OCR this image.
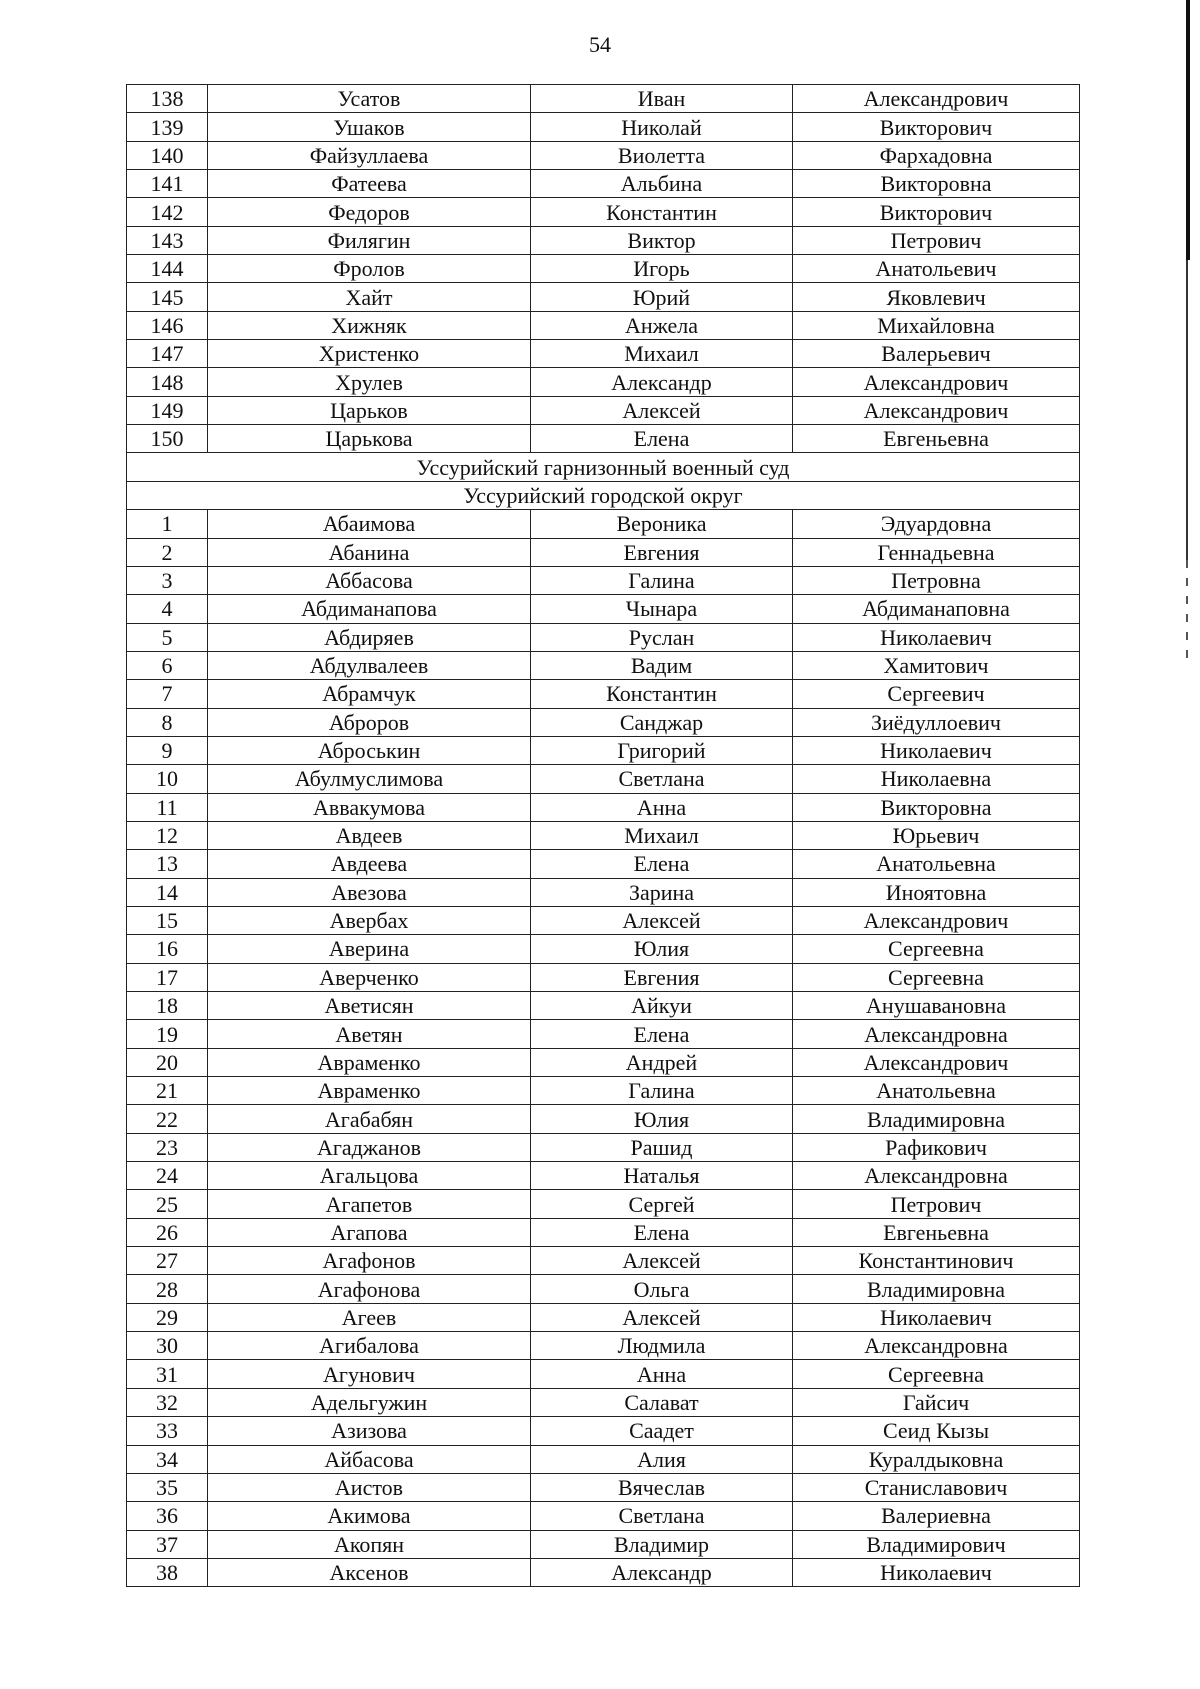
54
138	Усатов	Иван	Александрович
139	Ушаков	Николай	Викторович
140	Файзуллаева	Виолетта	Фархадовна
141	Фатеева	Альбина	Викторовна
142	Федоров	Константин	Викторович
143	Филягин	Виктор	Петрович
144	Фролов	Игорь	Анатольевич
145	Хайт	Юрий	Яковлевич
146	Хижняк	Анжела	Михайловна
147	Христенко	Михаил	Валерьевич
148	Хрулев	Александр	Александрович
149	Царьков	Алексей	Александрович
150	Царькова	Елена	Евгеньевна
Уссурийский гарнизонный военный суд			
Уссурийский городской округ			
1	Абаимова	Вероника	Эдуардовна
2	Абанина	Евгения	Геннадьевна
3	Аббасова	Галина	Петровна
4	Абдиманапова	Чынара	Абдиманаповна
5	Абдиряев	Руслан	Николаевич
6	Абдулвалеев	Вадим	Хамитович
7	Абрамчук	Константин	Сергеевич
8	Аброров	Санджар	Зиёдуллоевич
9	Аброськин	Григорий	Николаевич
10	Абулмуслимова	Светлана	Николаевна
11	Аввакумова	Анна	Викторовна
12	Авдеев	Михаил	Юрьевич
13	Авдеева	Елена	Анатольевна
14	Авезова	Зарина	Иноятовна
15	Авербах	Алексей	Александрович
16	Аверина	Юлия	Сергеевна
17	Аверченко	Евгения	Сергеевна
18	Аветисян	Айкуи	Анушавановна
19	Аветян	Елена	Александровна
20	Авраменко	Андрей	Александрович
21	Авраменко	Галина	Анатольевна
22	Агабабян	Юлия	Владимировна
23	Агаджанов	Рашид	Рафикович
24	Агальцова	Наталья	Александровна
25	Агапетов	Сергей	Петрович
26	Агапова	Елена	Евгеньевна
27	Агафонов	Алексей	Константинович
28	Агафонова	Ольга	Владимировна
29	Агеев	Алексей	Николаевич
30	Агибалова	Людмила	Александровна
31	Агунович	Анна	Сергеевна
32	Адельгужин	Салават	Гайсич
33	Азизова	Саадет	Сеид Кызы
34	Айбасова	Алия	Куралдыковна
35	Аистов	Вячеслав	Станиславович
36	Акимова	Светлана	Валериевна
37	Акопян	Владимир	Владимирович
38	Аксенов	Александр	Николаевич
